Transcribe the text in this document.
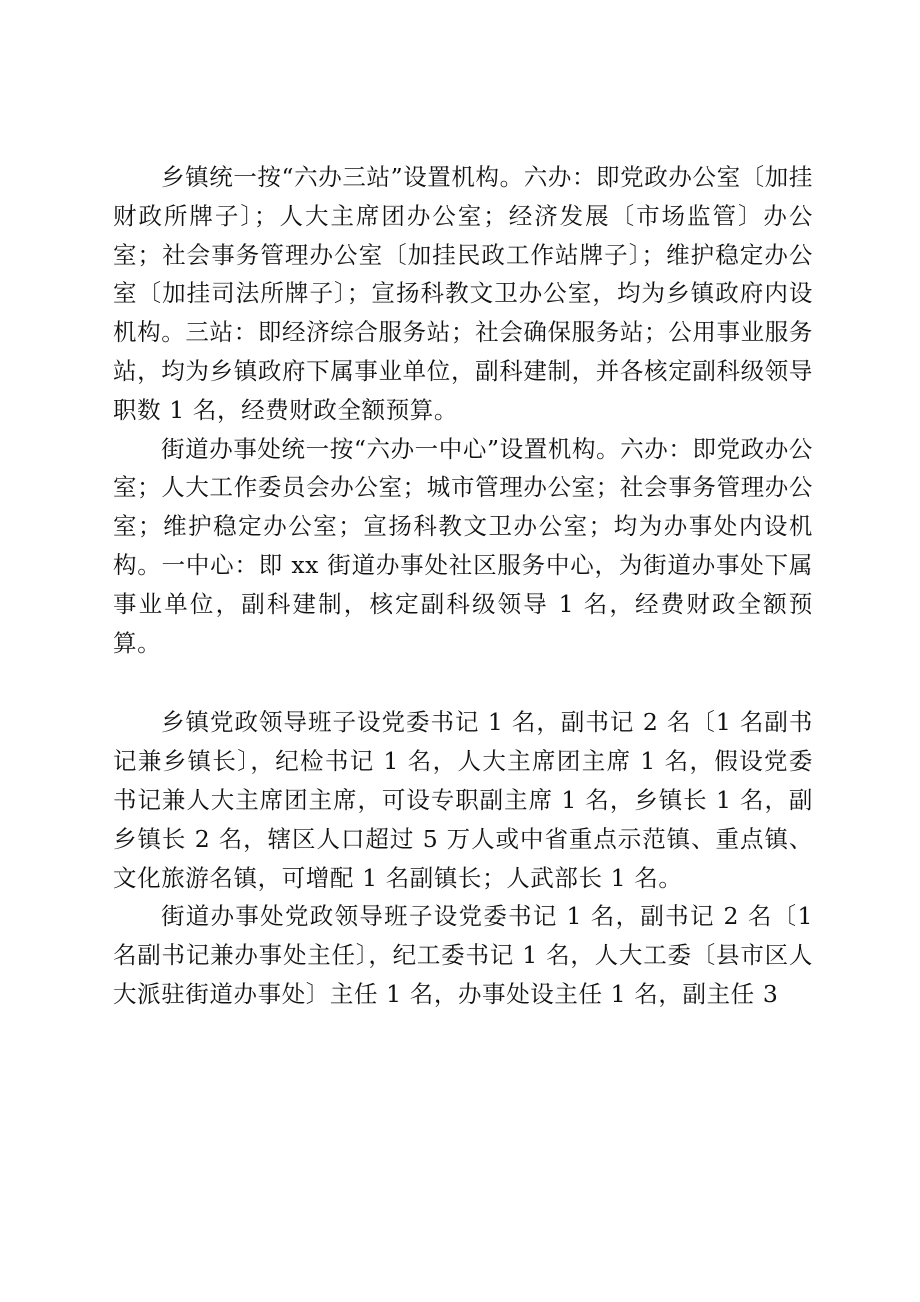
乡镇统一按“六办三站”设置机构。六办：即党政办公室〔加挂财政所牌子〕；人大主席团办公室；经济发展〔市场监管〕办公室；社会事务管理办公室〔加挂民政工作站牌子〕；维护稳定办公室〔加挂司法所牌子〕；宣扬科教文卫办公室，均为乡镇政府内设机构。三站：即经济综合服务站；社会确保服务站；公用事业服务站，均为乡镇政府下属事业单位，副科建制，并各核定副科级领导职数 1 名，经费财政全额预算。

街道办事处统一按“六办一中心”设置机构。六办：即党政办公室；人大工作委员会办公室；城市管理办公室；社会事务管理办公室；维护稳定办公室；宣扬科教文卫办公室；均为办事处内设机构。一中心：即 xx 街道办事处社区服务中心，为街道办事处下属事业单位，副科建制，核定副科级领导 1 名，经费财政全额预算。

乡镇党政领导班子设党委书记 1 名，副书记 2 名〔1 名副书记兼乡镇长〕，纪检书记 1 名，人大主席团主席 1 名，假设党委书记兼人大主席团主席，可设专职副主席 1 名，乡镇长 1 名，副乡镇长 2 名，辖区人口超过 5 万人或中省重点示范镇、重点镇、文化旅游名镇，可增配 1 名副镇长；人武部长 1 名。

街道办事处党政领导班子设党委书记 1 名，副书记 2 名〔1 名副书记兼办事处主任〕，纪工委书记 1 名，人大工委〔县市区人大派驻街道办事处〕主任 1 名，办事处设主任 1 名，副主任 3
